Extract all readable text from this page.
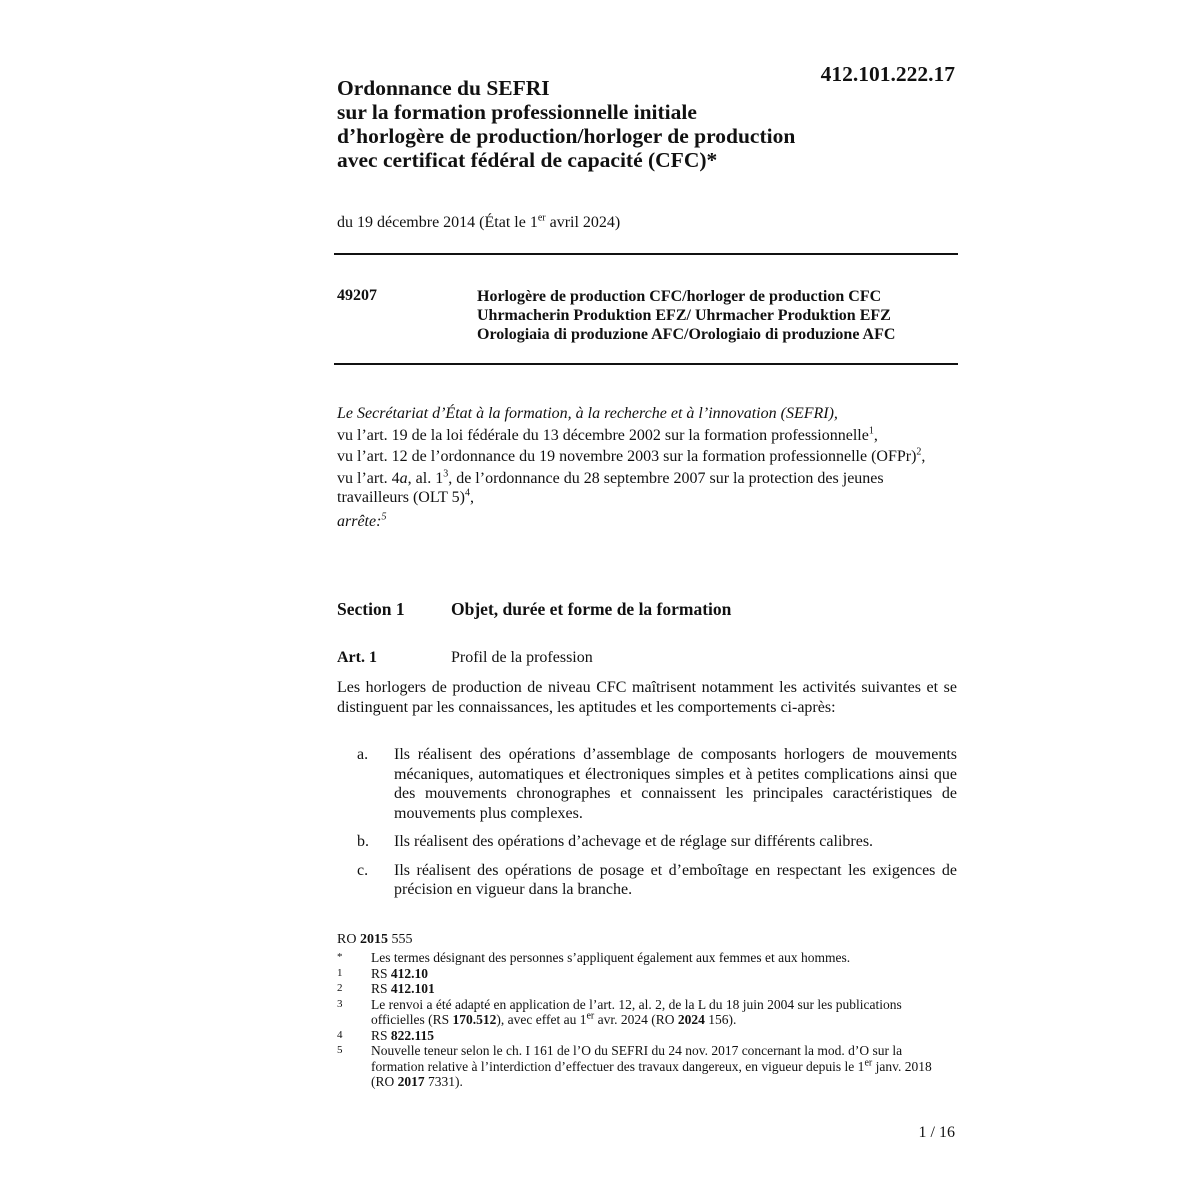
412.101.222.17
Ordonnance du SEFRI
sur la formation professionnelle initiale
d’horlogère de production/horloger de production
avec certificat fédéral de capacité (CFC)*
du 19 décembre 2014 (État le 1er avril 2024)
49207	Horlogère de production CFC/horloger de production CFC
Uhrmacherin Produktion EFZ/ Uhrmacher Produktion EFZ
Orologiaia di produzione AFC/Orologiaio di produzione AFC
Le Secrétariat d’État à la formation, à la recherche et à l’innovation (SEFRI),
vu l’art. 19 de la loi fédérale du 13 décembre 2002 sur la formation professionnelle$^1$,
vu l’art. 12 de l’ordonnance du 19 novembre 2003 sur la formation professionnelle (OFPr)$^2$,
vu l’art. 4a, al. $1^3$, de l’ordonnance du 28 septembre 2007 sur la protection des jeunes travailleurs (OLT 5)$^4$,
arrête:$^5$
Section 1	Objet, durée et forme de la formation
Art. 1	Profil de la profession
Les horlogers de production de niveau CFC maîtrisent notamment les activités suivantes et se distinguent par les connaissances, les aptitudes et les comportements ci-après:
a.	Ils réalisent des opérations d’assemblage de composants horlogers de mouvements mécaniques, automatiques et électroniques simples et à petites complications ainsi que des mouvements chronographes et connaissent les principales caractéristiques de mouvements plus complexes.
b.	Ils réalisent des opérations d’achevage et de réglage sur différents calibres.
c.	Ils réalisent des opérations de posage et d’emboîtage en respectant les exigences de précision en vigueur dans la branche.
RO 2015 555
*	Les termes désignant des personnes s’appliquent également aux femmes et aux hommes.
1	RS 412.10
2	RS 412.101
3	Le renvoi a été adapté en application de l’art. 12, al. 2, de la L du 18 juin 2004 sur les publications officielles (RS 170.512), avec effet au 1er avr. 2024 (RO 2024 156).
4	RS 822.115
5	Nouvelle teneur selon le ch. I 161 de l’O du SEFRI du 24 nov. 2017 concernant la mod. d’O sur la formation relative à l’interdiction d’effectuer des travaux dangereux, en vigueur depuis le 1er janv. 2018 (RO 2017 7331).
1 / 16
